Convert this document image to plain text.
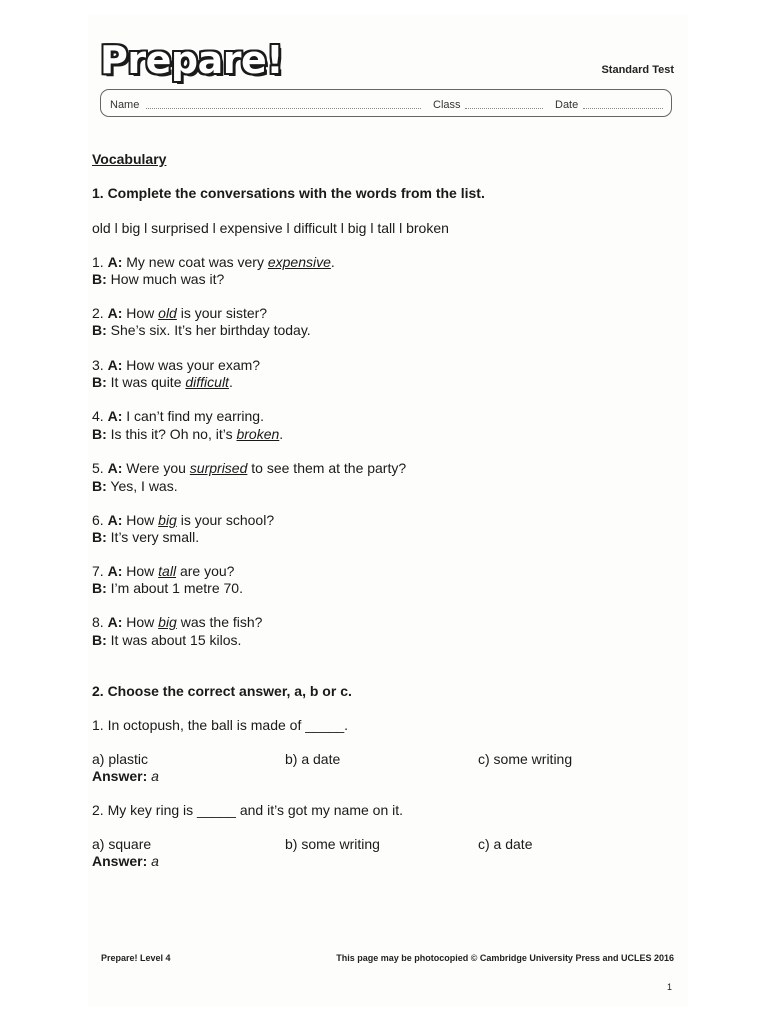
Prepare!	Standard Test
Name	Class	Date
Vocabulary
1. Complete the conversations with the words from the list.
old l big l surprised l expensive l difficult l big l tall l broken
1. A: My new coat was very expensive.
B: How much was it?
2. A: How old is your sister?
B: She’s six. It’s her birthday today.
3. A: How was your exam?
B: It was quite difficult.
4. A: I can’t find my earring.
B: Is this it? Oh no, it’s broken.
5. A: Were you surprised to see them at the party?
B: Yes, I was.
6. A: How big is your school?
B: It’s very small.
7. A: How tall are you?
B: I’m about 1 metre 70.
8. A: How big was the fish?
B: It was about 15 kilos.
2. Choose the correct answer, a, b or c.
1. In octopush, the ball is made of _____.
a) plastic	b) a date	c) some writing
Answer: a
2. My key ring is _____ and it’s got my name on it.
a) square	b) some writing	c) a date
Answer: a
Prepare! Level 4	This page may be photocopied © Cambridge University Press and UCLES 2016
1
